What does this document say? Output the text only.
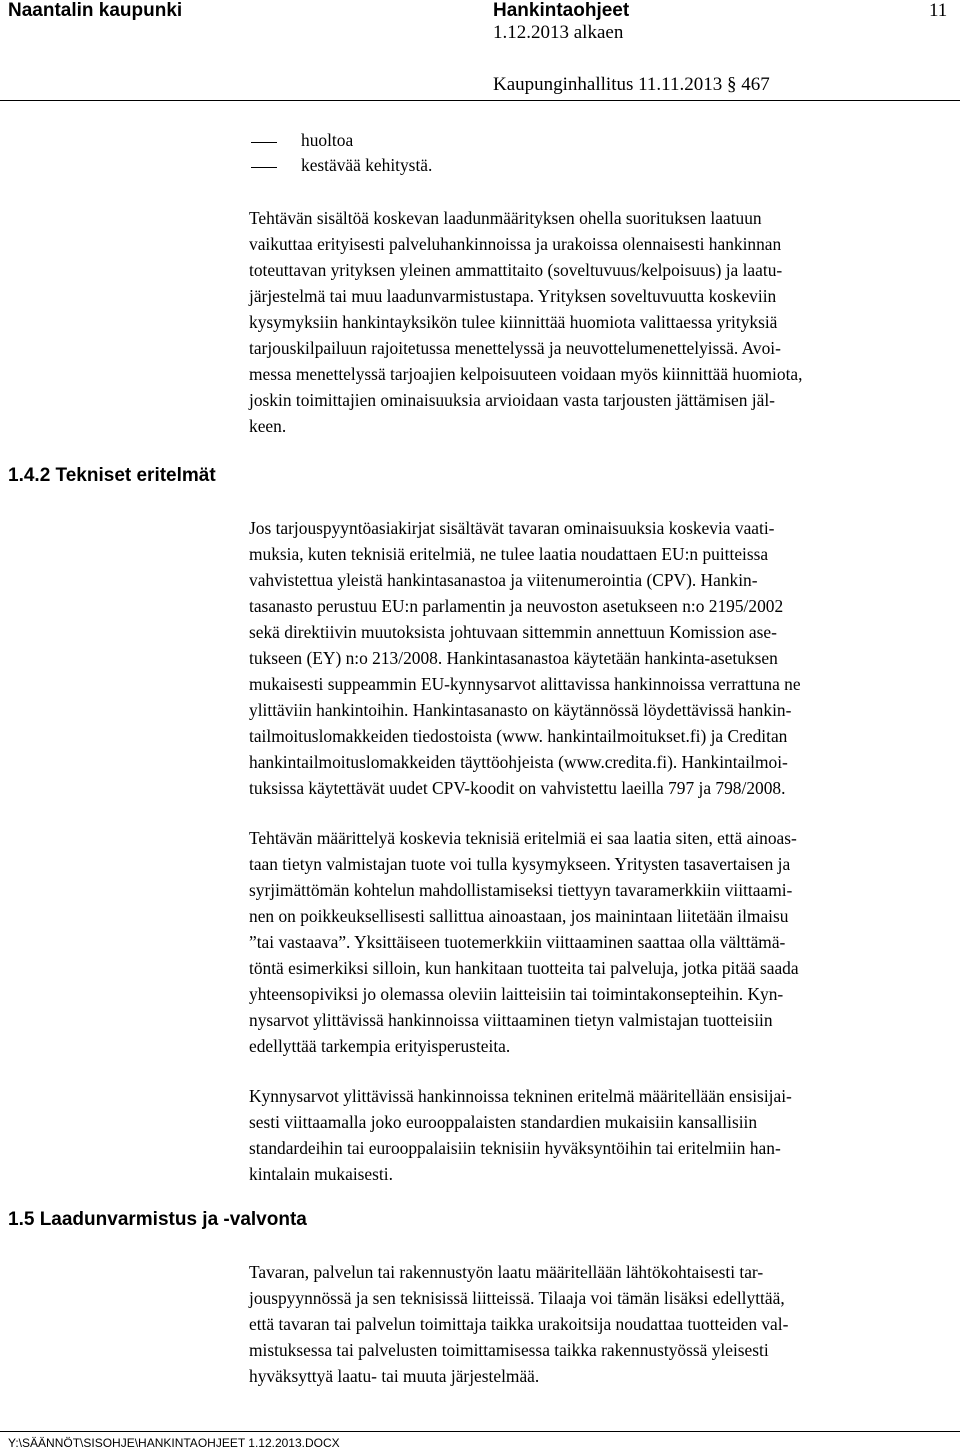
Naantalin kaupunki	Hankintaohjeet
1.12.2013 alkaen
11
Kaupunginhallitus 11.11.2013 § 467
huoltoa
kestävää kehitystä.
Tehtävän sisältöä koskevan laadunmäärityksen ohella suorituksen laatuun
vaikuttaa erityisesti palveluhankinnoissa ja urakoissa olennaisesti hankinnan
toteuttavan yrityksen yleinen ammattitaito (soveltuvuus/kelpoisuus) ja laatu-
järjestelmä tai muu laadunvarmistustapa. Yrityksen soveltuvuutta koskeviin
kysymyksiin hankintayksikön tulee kiinnittää huomiota valittaessa yrityksiä
tarjouskilpailuun rajoitetussa menettelyssä ja neuvottelumenettelyissä. Avoi-
messa menettelyssä tarjoajien kelpoisuuteen voidaan myös kiinnittää huomiota,
joskin toimittajien ominaisuuksia arvioidaan vasta tarjousten jättämisen jäl-
keen.
1.4.2 Tekniset eritelmät
Jos tarjouspyyntöasiakirjat sisältävät tavaran ominaisuuksia koskevia vaati-
muksia, kuten teknisiä eritelmiä, ne tulee laatia noudattaen EU:n puitteissa
vahvistettua yleistä hankintasanastoa ja viitenumerointia (CPV). Hankin-
tasanasto perustuu EU:n parlamentin ja neuvoston asetukseen n:o 2195/2002
sekä direktiivin muutoksista johtuvaan sittemmin annettuun Komission ase-
tukseen (EY) n:o 213/2008. Hankintasanastoa käytetään hankinta-asetuksen
mukaisesti suppeammin EU-kynnysarvot alittavissa hankinnoissa verrattuna ne
ylittäviin hankintoihin. Hankintasanasto on käytännössä löydettävissä hankin-
tailmoituslomakkeiden tiedostoista (www. hankintailmoitukset.fi) ja Creditan
hankintailmoituslomakkeiden täyttöohjeista (www.credita.fi). Hankintailmoi-
tuksissa käytettävät uudet CPV-koodit on vahvistettu laeilla 797 ja 798/2008.
Tehtävän määrittelyä koskevia teknisiä eritelmiä ei saa laatia siten, että ainoas-
taan tietyn valmistajan tuote voi tulla kysymykseen. Yritysten tasavertaisen ja
syrjimättömän kohtelun mahdollistamiseksi tiettyyn tavaramerkkiin viittaami-
nen on poikkeuksellisesti sallittua ainoastaan, jos mainintaan liitetään ilmaisu
”tai vastaava”. Yksittäiseen tuotemerkkiin viittaaminen saattaa olla välttämä-
töntä esimerkiksi silloin, kun hankitaan tuotteita tai palveluja, jotka pitää saada
yhteensopiviksi jo olemassa oleviin laitteisiin tai toimintakonsepteihin. Kyn-
nysarvot ylittävissä hankinnoissa viittaaminen tietyn valmistajan tuotteisiin
edellyttää tarkempia erityisperusteita.
Kynnysarvot ylittävissä hankinnoissa tekninen eritelmä määritellään ensisijai-
sesti viittaamalla joko eurooppalaisten standardien mukaisiin kansallisiin
standardeihin tai eurooppalaisiin teknisiin hyväksyntöihin tai eritelmiin han-
kintalain mukaisesti.
1.5 Laadunvarmistus ja -valvonta
Tavaran, palvelun tai rakennustyön laatu määritellään lähtökohtaisesti tar-
jouspyynnössä ja sen teknisissä liitteissä. Tilaaja voi tämän lisäksi edellyttää,
että tavaran tai palvelun toimittaja taikka urakoitsija noudattaa tuotteiden val-
mistuksessa tai palvelusten toimittamisessa taikka rakennustyössä yleisesti
hyväksyttyä laatu- tai muuta järjestelmää.
Y:\SÄÄNNÖT\SISOHJE\HANKINTAOHJEET 1.12.2013.DOCX
